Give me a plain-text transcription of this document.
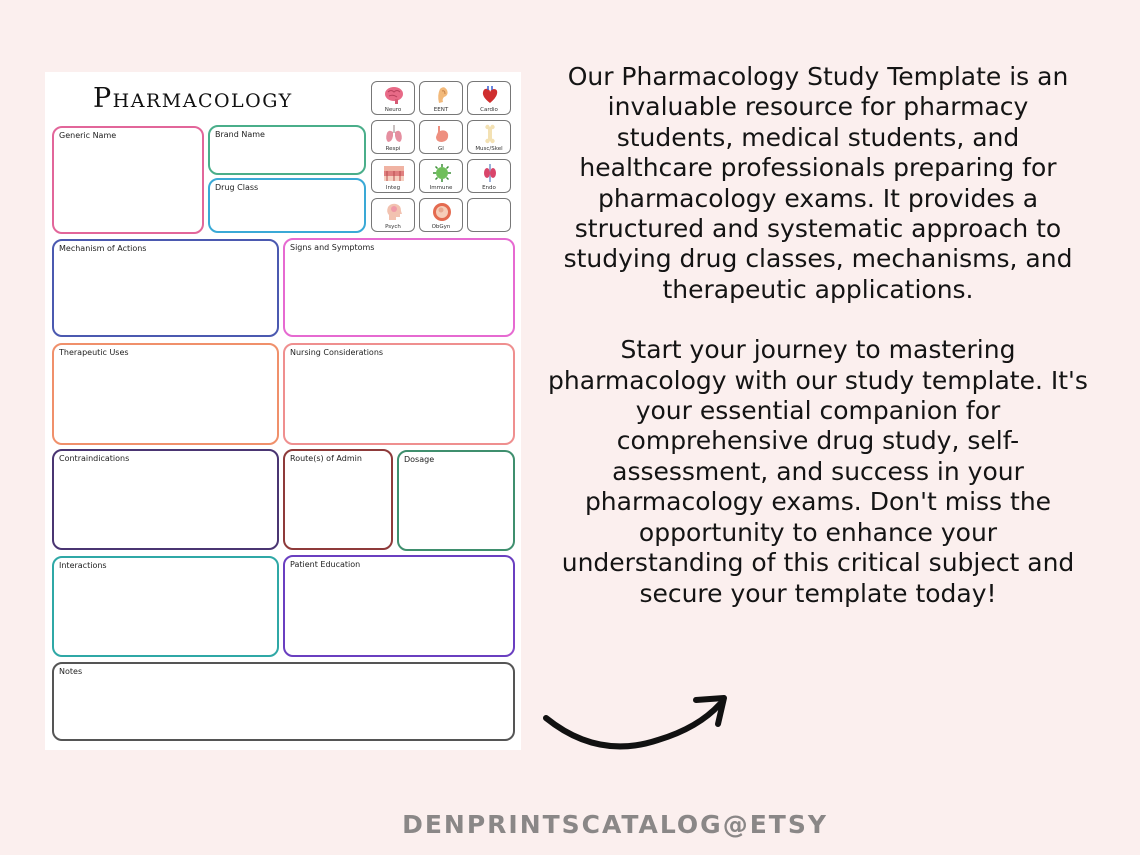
Pharmacology
Generic Name	Brand Name
Drug Class
Neuro	EENT	Cardio
Respi	GI	Musc/Skel
Integ	Immune	Endo
Psych	ObGyn
Mechanism of Actions	Signs and Symptoms
Therapeutic Uses	Nursing Considerations
Contraindications	Route(s) of Admin	Dosage
Interactions	Patient Education
Notes

Our Pharmacology Study Template is an invaluable resource for pharmacy students, medical students, and healthcare professionals preparing for pharmacology exams. It provides a structured and systematic approach to studying drug classes, mechanisms, and therapeutic applications.

Start your journey to mastering pharmacology with our study template. It's your essential companion for comprehensive drug study, self-assessment, and success in your pharmacology exams. Don't miss the opportunity to enhance your understanding of this critical subject and secure your template today!

DENPRINTSCATALOG@ETSY
